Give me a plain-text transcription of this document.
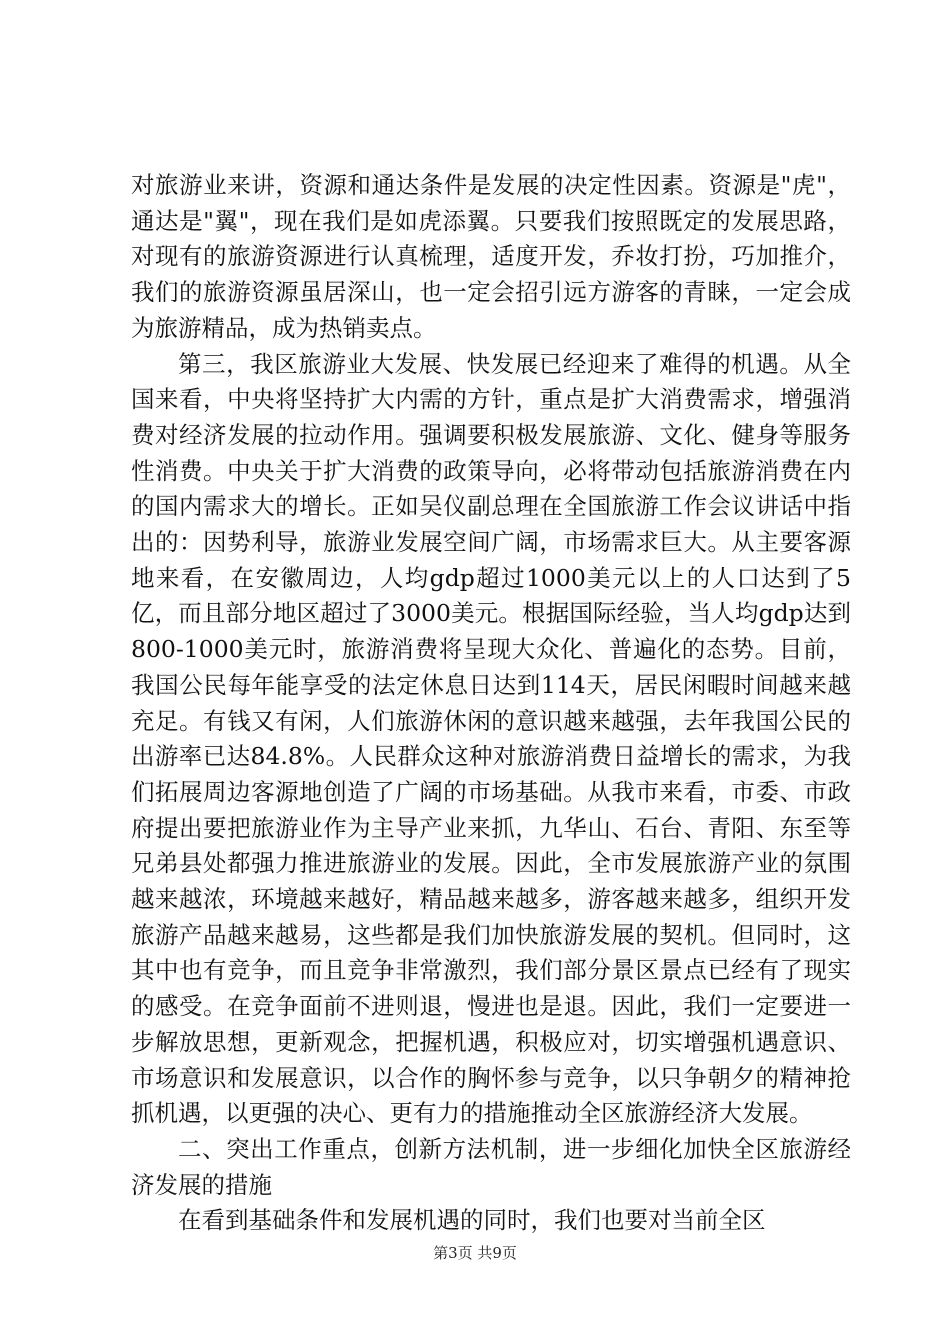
对旅游业来讲，资源和通达条件是发展的决定性因素。资源是"虎"，通达是"翼"，现在我们是如虎添翼。只要我们按照既定的发展思路，对现有的旅游资源进行认真梳理，适度开发，乔妆打扮，巧加推介，我们的旅游资源虽居深山，也一定会招引远方游客的青睐，一定会成为旅游精品，成为热销卖点。

第三，我区旅游业大发展、快发展已经迎来了难得的机遇。从全国来看，中央将坚持扩大内需的方针，重点是扩大消费需求，增强消费对经济发展的拉动作用。强调要积极发展旅游、文化、健身等服务性消费。中央关于扩大消费的政策导向，必将带动包括旅游消费在内的国内需求大的增长。正如吴仪副总理在全国旅游工作会议讲话中指出的：因势利导，旅游业发展空间广阔，市场需求巨大。从主要客源地来看，在安徽周边，人均gdp超过1000美元以上的人口达到了5亿，而且部分地区超过了3000美元。根据国际经验，当人均gdp达到800-1000美元时，旅游消费将呈现大众化、普遍化的态势。目前，我国公民每年能享受的法定休息日达到114天，居民闲暇时间越来越充足。有钱又有闲，人们旅游休闲的意识越来越强，去年我国公民的出游率已达84.8%。人民群众这种对旅游消费日益增长的需求，为我们拓展周边客源地创造了广阔的市场基础。从我市来看，市委、市政府提出要把旅游业作为主导产业来抓，九华山、石台、青阳、东至等兄弟县处都强力推进旅游业的发展。因此，全市发展旅游产业的氛围越来越浓，环境越来越好，精品越来越多，游客越来越多，组织开发旅游产品越来越易，这些都是我们加快旅游发展的契机。但同时，这其中也有竞争，而且竞争非常激烈，我们部分景区景点已经有了现实的感受。在竞争面前不进则退，慢进也是退。因此，我们一定要进一步解放思想，更新观念，把握机遇，积极应对，切实增强机遇意识、市场意识和发展意识，以合作的胸怀参与竞争，以只争朝夕的精神抢抓机遇，以更强的决心、更有力的措施推动全区旅游经济大发展。

二、突出工作重点，创新方法机制，进一步细化加快全区旅游经济发展的措施

在看到基础条件和发展机遇的同时，我们也要对当前全区

第3页 共9页
